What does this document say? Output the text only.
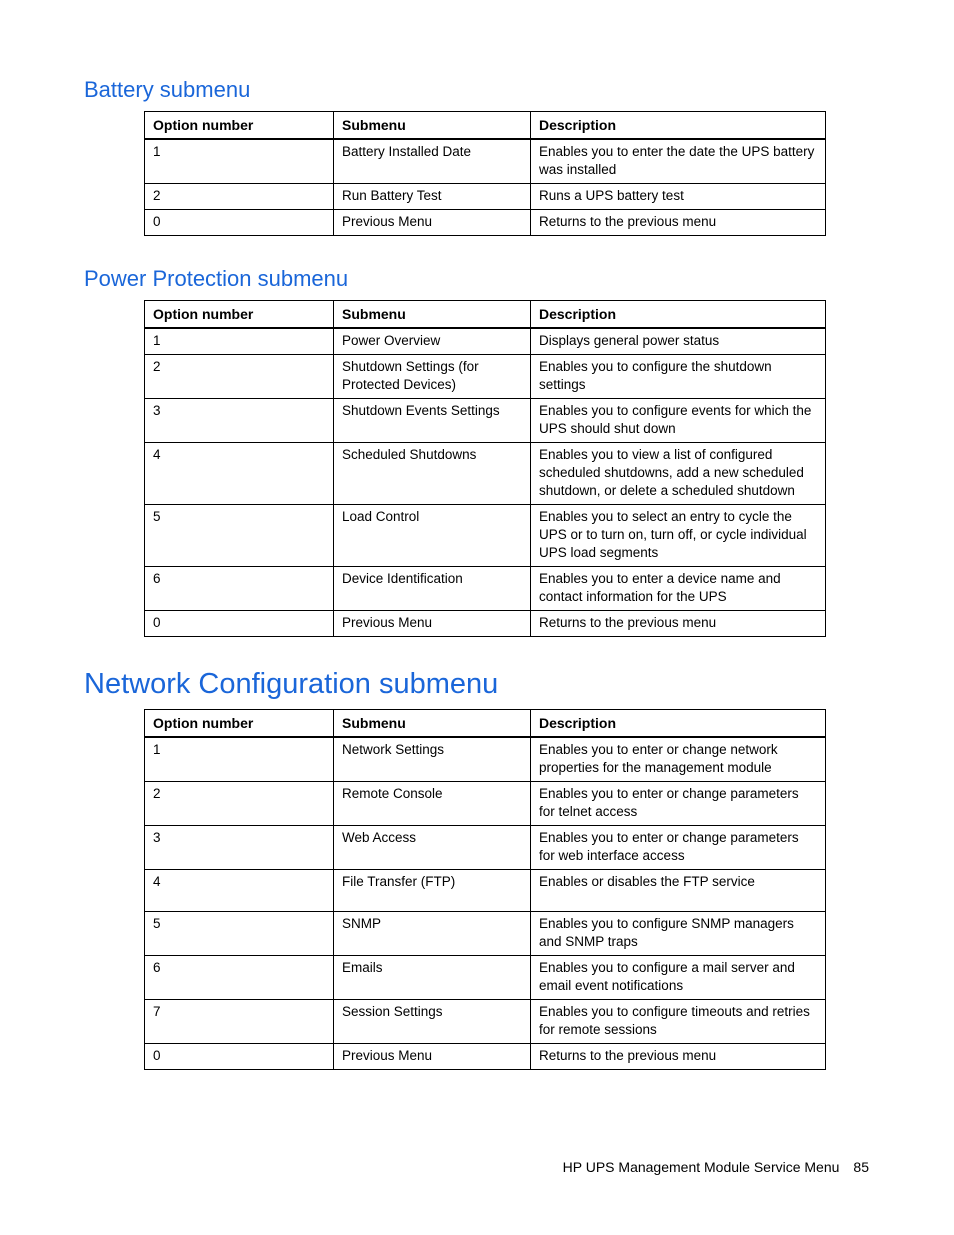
Battery submenu
Option number	Submenu	Description
1	Battery Installed Date	Enables you to enter the date the UPS battery was installed
2	Run Battery Test	Runs a UPS battery test
0	Previous Menu	Returns to the previous menu
Power Protection submenu
Option number	Submenu	Description
1	Power Overview	Displays general power status
2	Shutdown Settings (for Protected Devices)	Enables you to configure the shutdown settings
3	Shutdown Events Settings	Enables you to configure events for which the UPS should shut down
4	Scheduled Shutdowns	Enables you to view a list of configured scheduled shutdowns, add a new scheduled shutdown, or delete a scheduled shutdown
5	Load Control	Enables you to select an entry to cycle the UPS or to turn on, turn off, or cycle individual UPS load segments
6	Device Identification	Enables you to enter a device name and contact information for the UPS
0	Previous Menu	Returns to the previous menu
Network Configuration submenu
Option number	Submenu	Description
1	Network Settings	Enables you to enter or change network properties for the management module
2	Remote Console	Enables you to enter or change parameters for telnet access
3	Web Access	Enables you to enter or change parameters for web interface access
4	File Transfer (FTP)	Enables or disables the FTP service
5	SNMP	Enables you to configure SNMP managers and SNMP traps
6	Emails	Enables you to configure a mail server and email event notifications
7	Session Settings	Enables you to configure timeouts and retries for remote sessions
0	Previous Menu	Returns to the previous menu
HP UPS Management Module Service Menu 85
